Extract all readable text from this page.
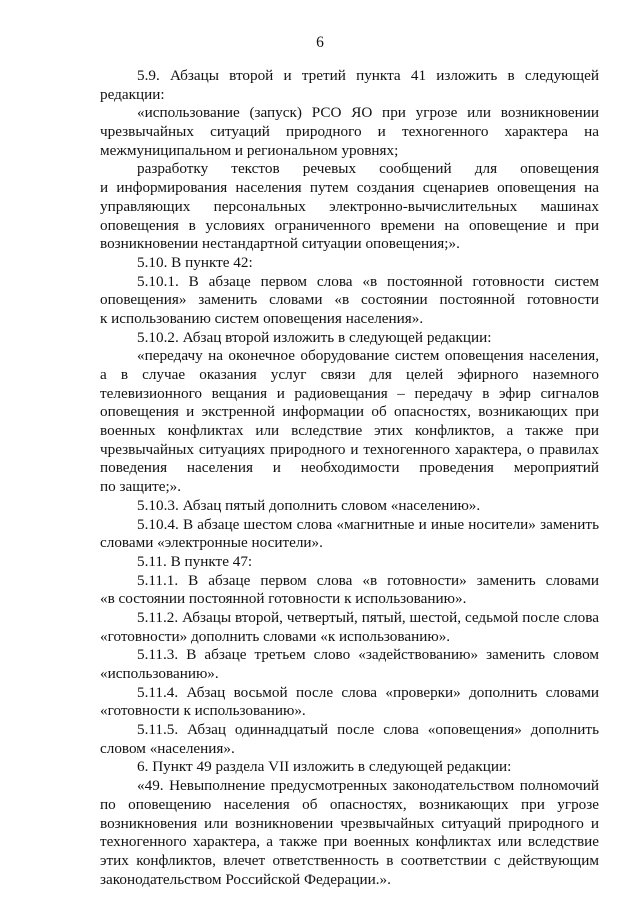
6
5.9. Абзацы второй и третий пункта 41 изложить в следующей
редакции:
«использование (запуск) РСО ЯО при угрозе или возникновении
чрезвычайных ситуаций природного и техногенного характера на
межмуниципальном и региональном уровнях;
разработку текстов речевых сообщений для оповещения
и информирования населения путем создания сценариев оповещения на
управляющих персональных электронно-вычислительных машинах
оповещения в условиях ограниченного времени на оповещение и при
возникновении нестандартной ситуации оповещения;».
5.10. В пункте 42:
5.10.1. В абзаце первом слова «в постоянной готовности систем
оповещения» заменить словами «в состоянии постоянной готовности
к использованию систем оповещения населения».
5.10.2. Абзац второй изложить в следующей редакции:
«передачу на оконечное оборудование систем оповещения населения,
а в случае оказания услуг связи для целей эфирного наземного
телевизионного вещания и радиовещания – передачу в эфир сигналов
оповещения и экстренной информации об опасностях, возникающих при
военных конфликтах или вследствие этих конфликтов, а также при
чрезвычайных ситуациях природного и техногенного характера, о правилах
поведения населения и необходимости проведения мероприятий
по защите;».
5.10.3. Абзац пятый дополнить словом «населению».
5.10.4. В абзаце шестом слова «магнитные и иные носители» заменить
словами «электронные носители».
5.11. В пункте 47:
5.11.1. В абзаце первом слова «в готовности» заменить словами
«в состоянии постоянной готовности к использованию».
5.11.2. Абзацы второй, четвертый, пятый, шестой, седьмой после слова
«готовности» дополнить словами «к использованию».
5.11.3. В абзаце третьем слово «задействованию» заменить словом
«использованию».
5.11.4. Абзац восьмой после слова «проверки» дополнить словами
«готовности к использованию».
5.11.5. Абзац одиннадцатый после слова «оповещения» дополнить
словом «населения».
6. Пункт 49 раздела VII изложить в следующей редакции:
«49. Невыполнение предусмотренных законодательством полномочий
по оповещению населения об опасностях, возникающих при угрозе
возникновения или возникновении чрезвычайных ситуаций природного и
техногенного характера, а также при военных конфликтах или вследствие
этих конфликтов, влечет ответственность в соответствии с действующим
законодательством Российской Федерации.».
